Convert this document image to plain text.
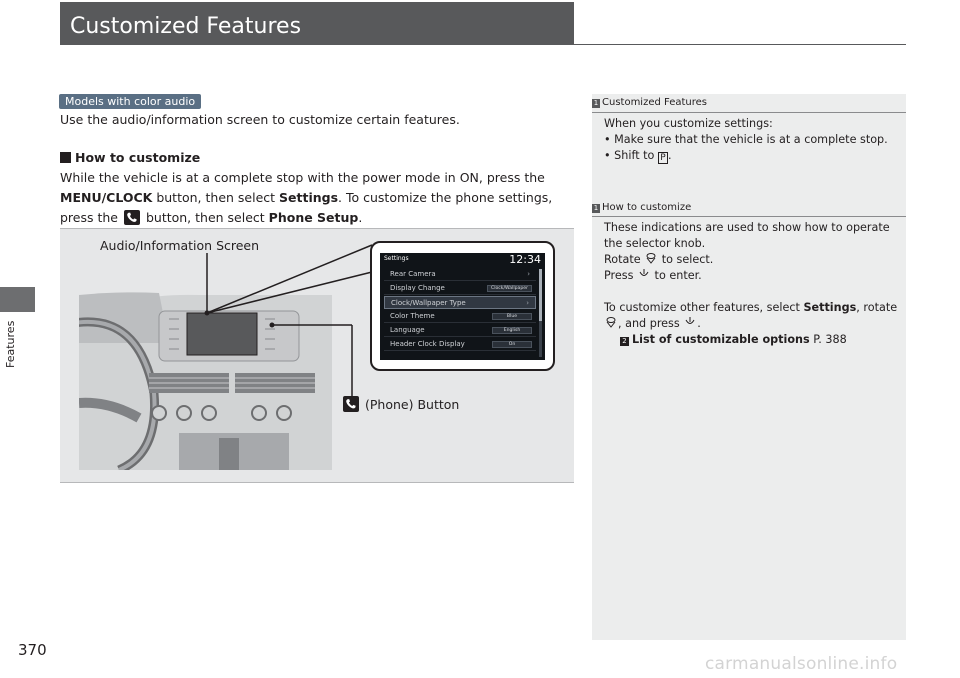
Features
Customized Features
Models with color audio
Use the audio/information screen to customize certain features.
How to customize
While the vehicle is at a complete stop with the power mode in ON, press the
MENU/CLOCK button, then select Settings. To customize the phone settings,
press the
button, then select Phone Setup.
Audio/Information Screen
Settings	12:34
Rear Camera	›
Display Change	Clock/Wallpaper
Clock/Wallpaper Type	›
Color Theme	Blue
Language	English
Header Clock Display	On
(Phone) Button
1 Customized Features
When you customize settings:
• Make sure that the vehicle is at a complete stop.
• Shift to P .
1 How to customize
These indications are used to show how to operate
the selector knob.
Rotate  to select.
Press  to enter.
To customize other features, select Settings, rotate
, and press .
2 List of customizable options P. 388
370
carmanualsonline.info
